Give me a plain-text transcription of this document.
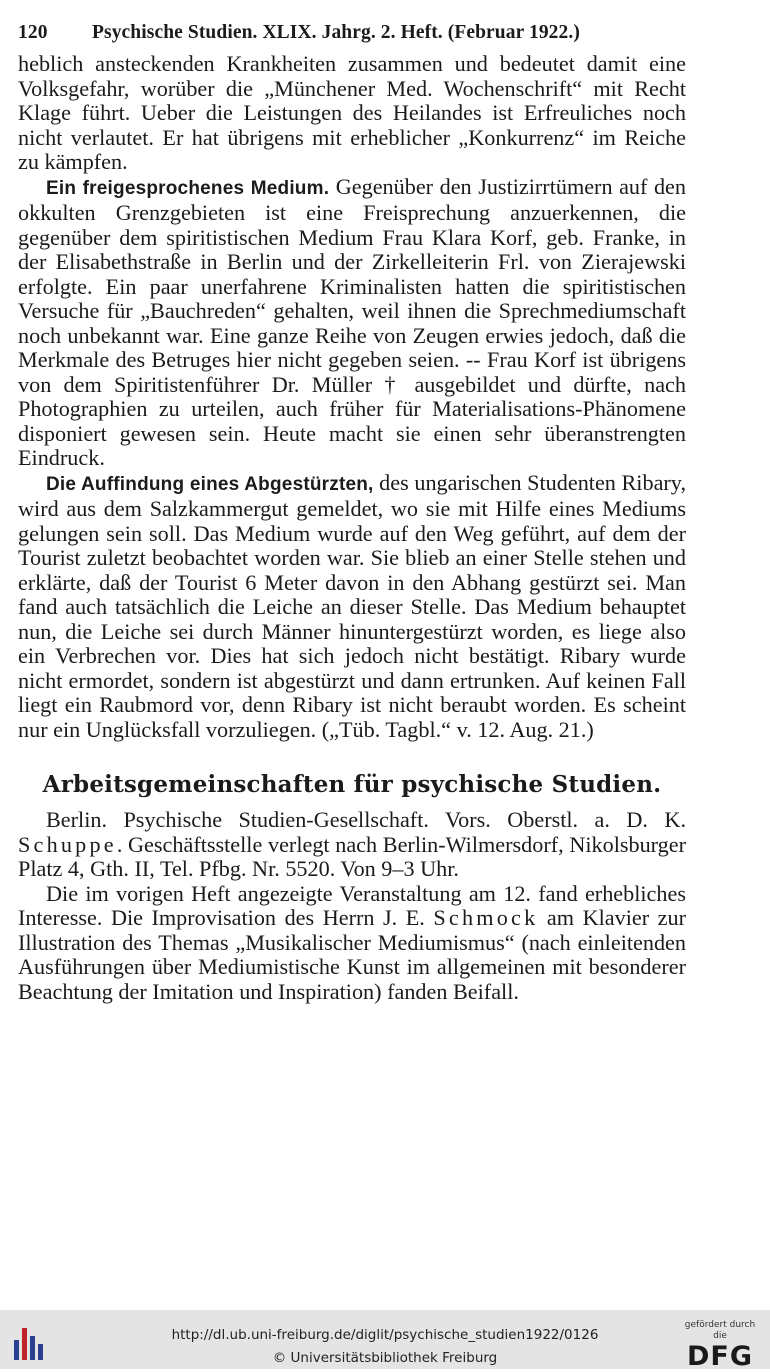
120	Psychische Studien. XLIX. Jahrg. 2. Heft. (Februar 1922.)

heblich ansteckenden Krankheiten zusammen und bedeutet damit eine Volksgefahr, worüber die „Münchener Med. Wochenschrift“ mit Recht Klage führt. Ueber die Leistungen des Heilandes ist Erfreuliches noch nicht verlautet. Er hat übrigens mit erheblicher „Konkurrenz“ im Reiche zu kämpfen.

Ein freigesprochenes Medium. Gegenüber den Justizirrtümern auf den okkulten Grenzgebieten ist eine Freisprechung anzuerkennen, die gegenüber dem spiritistischen Medium Frau Klara Korf, geb. Franke, in der Elisabethstraße in Berlin und der Zirkelleiterin Frl. von Zierajewski erfolgte. Ein paar unerfahrene Kriminalisten hatten die spiritistischen Versuche für „Bauchreden“ gehalten, weil ihnen die Sprechmediumschaft noch unbekannt war. Eine ganze Reihe von Zeugen erwies jedoch, daß die Merkmale des Betruges hier nicht gegeben seien. -- Frau Korf ist übrigens von dem Spiritistenführer Dr. Müller † ausgebildet und dürfte, nach Photographien zu urteilen, auch früher für Materialisations-Phänomene disponiert gewesen sein. Heute macht sie einen sehr überanstrengten Eindruck.

Die Auffindung eines Abgestürzten, des ungarischen Studenten Ribary, wird aus dem Salzkammergut gemeldet, wo sie mit Hilfe eines Mediums gelungen sein soll. Das Medium wurde auf den Weg geführt, auf dem der Tourist zuletzt beobachtet worden war. Sie blieb an einer Stelle stehen und erklärte, daß der Tourist 6 Meter davon in den Abhang gestürzt sei. Man fand auch tatsächlich die Leiche an dieser Stelle. Das Medium behauptet nun, die Leiche sei durch Männer hinuntergestürzt worden, es liege also ein Verbrechen vor. Dies hat sich jedoch nicht bestätigt. Ribary wurde nicht ermordet, sondern ist abgestürzt und dann ertrunken. Auf keinen Fall liegt ein Raubmord vor, denn Ribary ist nicht beraubt worden. Es scheint nur ein Unglücksfall vorzuliegen. („Tüb. Tagbl.“ v. 12. Aug. 21.)

Arbeitsgemeinschaften für psychische Studien.

Berlin. Psychische Studien-Gesellschaft. Vors. Oberstl. a. D. K. Schuppe. Geschäftsstelle verlegt nach Berlin-Wilmersdorf, Nikolsburger Platz 4, Gth. II, Tel. Pfbg. Nr. 5520. Von 9–3 Uhr.

Die im vorigen Heft angezeigte Veranstaltung am 12. fand erhebliches Interesse. Die Improvisation des Herrn J. E. Schmock am Klavier zur Illustration des Themas „Musikalischer Mediumismus“ (nach einleitenden Ausführungen über Mediumistische Kunst im allgemeinen mit besonderer Beachtung der Imitation und Inspiration) fanden Beifall.

http://dl.ub.uni-freiburg.de/diglit/psychische_studien1922/0126
© Universitätsbibliothek Freiburg
gefördert durch die
DFG
